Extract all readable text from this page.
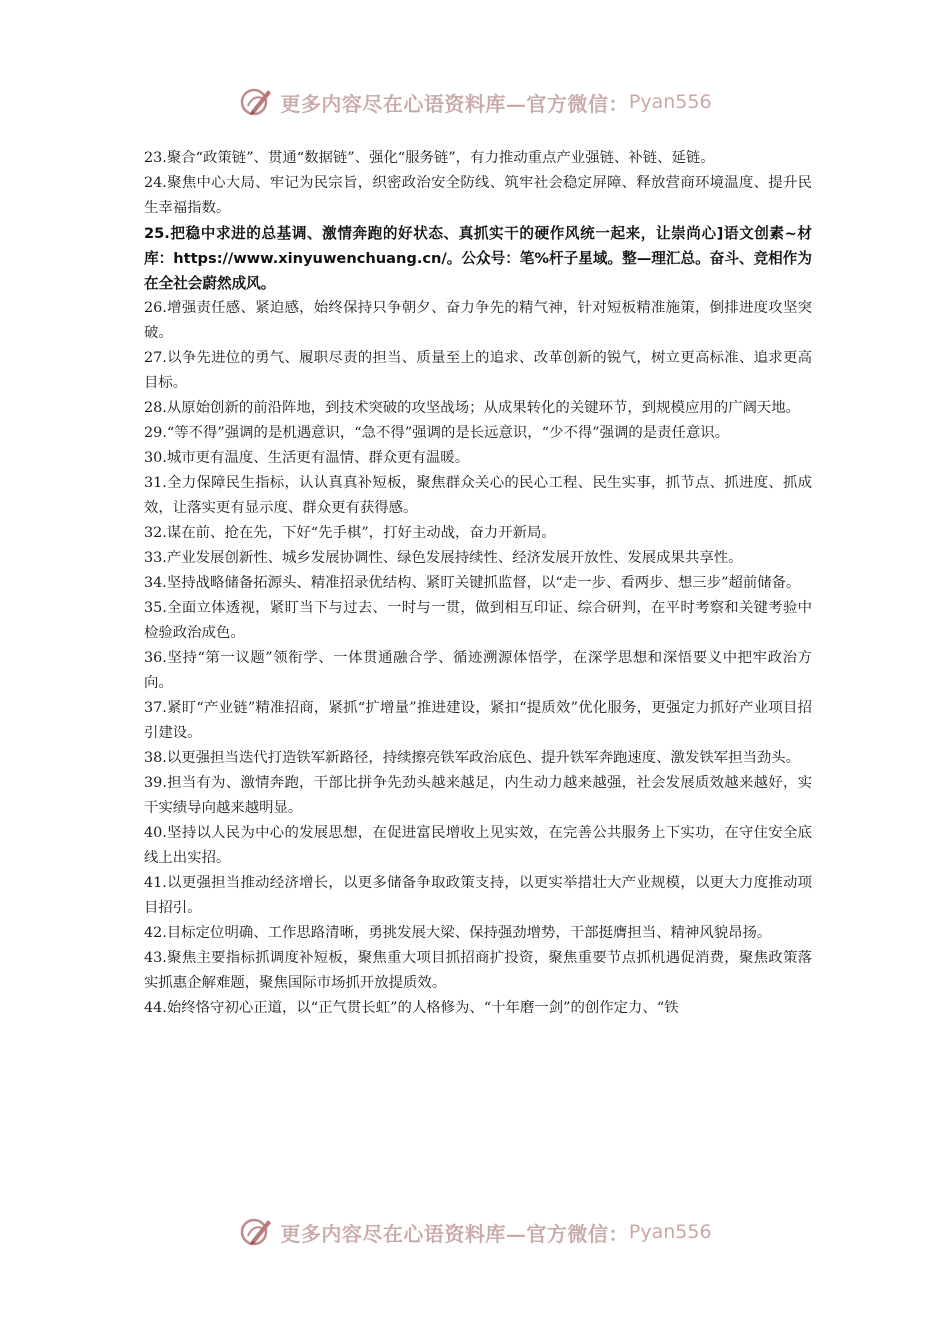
更多内容尽在心语资料库—官方微信： Pyan556

23.聚合“政策链”、贯通“数据链”、强化“服务链”，有力推动重点产业强链、补链、延链。

24.聚焦中心大局、牢记为民宗旨，织密政治安全防线、筑牢社会稳定屏障、释放营商环境温度、提升民生幸福指数。

25.把稳中求进的总基调、激情奔跑的好状态、真抓实干的硬作风统一起来，让崇尚心]语文创素~材库：https://www.xinyuwenchuang.cn/。公众号：笔%杆子星域。整—理汇总。奋斗、竞相作为在全社会蔚然成风。

26.增强责任感、紧迫感，始终保持只争朝夕、奋力争先的精气神，针对短板精准施策，倒排进度攻坚突破。

27.以争先进位的勇气、履职尽责的担当、质量至上的追求、改革创新的锐气，树立更高标准、追求更高目标。

28.从原始创新的前沿阵地，到技术突破的攻坚战场；从成果转化的关键环节，到规模应用的广阔天地。

29.“等不得”强调的是机遇意识，“急不得”强调的是长远意识，“少不得”强调的是责任意识。

30.城市更有温度、生活更有温情、群众更有温暖。

31.全力保障民生指标，认认真真补短板，聚焦群众关心的民心工程、民生实事，抓节点、抓进度、抓成效，让落实更有显示度、群众更有获得感。

32.谋在前、抢在先，下好“先手棋”，打好主动战，奋力开新局。

33.产业发展创新性、城乡发展协调性、绿色发展持续性、经济发展开放性、发展成果共享性。

34.坚持战略储备拓源头、精准招录优结构、紧盯关键抓监督，以“走一步、看两步、想三步”超前储备。

35.全面立体透视，紧盯当下与过去、一时与一贯，做到相互印证、综合研判，在平时考察和关键考验中检验政治成色。

36.坚持“第一议题”领衔学、一体贯通融合学、循迹溯源体悟学，在深学思想和深悟要义中把牢政治方向。

37.紧盯“产业链”精准招商，紧抓“扩增量”推进建设，紧扣“提质效”优化服务，更强定力抓好产业项目招引建设。

38.以更强担当迭代打造铁军新路径，持续擦亮铁军政治底色、提升铁军奔跑速度、激发铁军担当劲头。

39.担当有为、激情奔跑，干部比拼争先劲头越来越足，内生动力越来越强，社会发展质效越来越好，实干实绩导向越来越明显。

40.坚持以人民为中心的发展思想，在促进富民增收上见实效，在完善公共服务上下实功，在守住安全底线上出实招。

41.以更强担当推动经济增长，以更多储备争取政策支持，以更实举措壮大产业规模，以更大力度推动项目招引。

42.目标定位明确、工作思路清晰，勇挑发展大梁、保持强劲增势，干部挺膺担当、精神风貌昂扬。

43.聚焦主要指标抓调度补短板，聚焦重大项目抓招商扩投资，聚焦重要节点抓机遇促消费，聚焦政策落实抓惠企解难题，聚焦国际市场抓开放提质效。

44.始终恪守初心正道，以“正气贯长虹”的人格修为、“十年磨一剑”的创作定力、“铁

更多内容尽在心语资料库—官方微信： Pyan556
